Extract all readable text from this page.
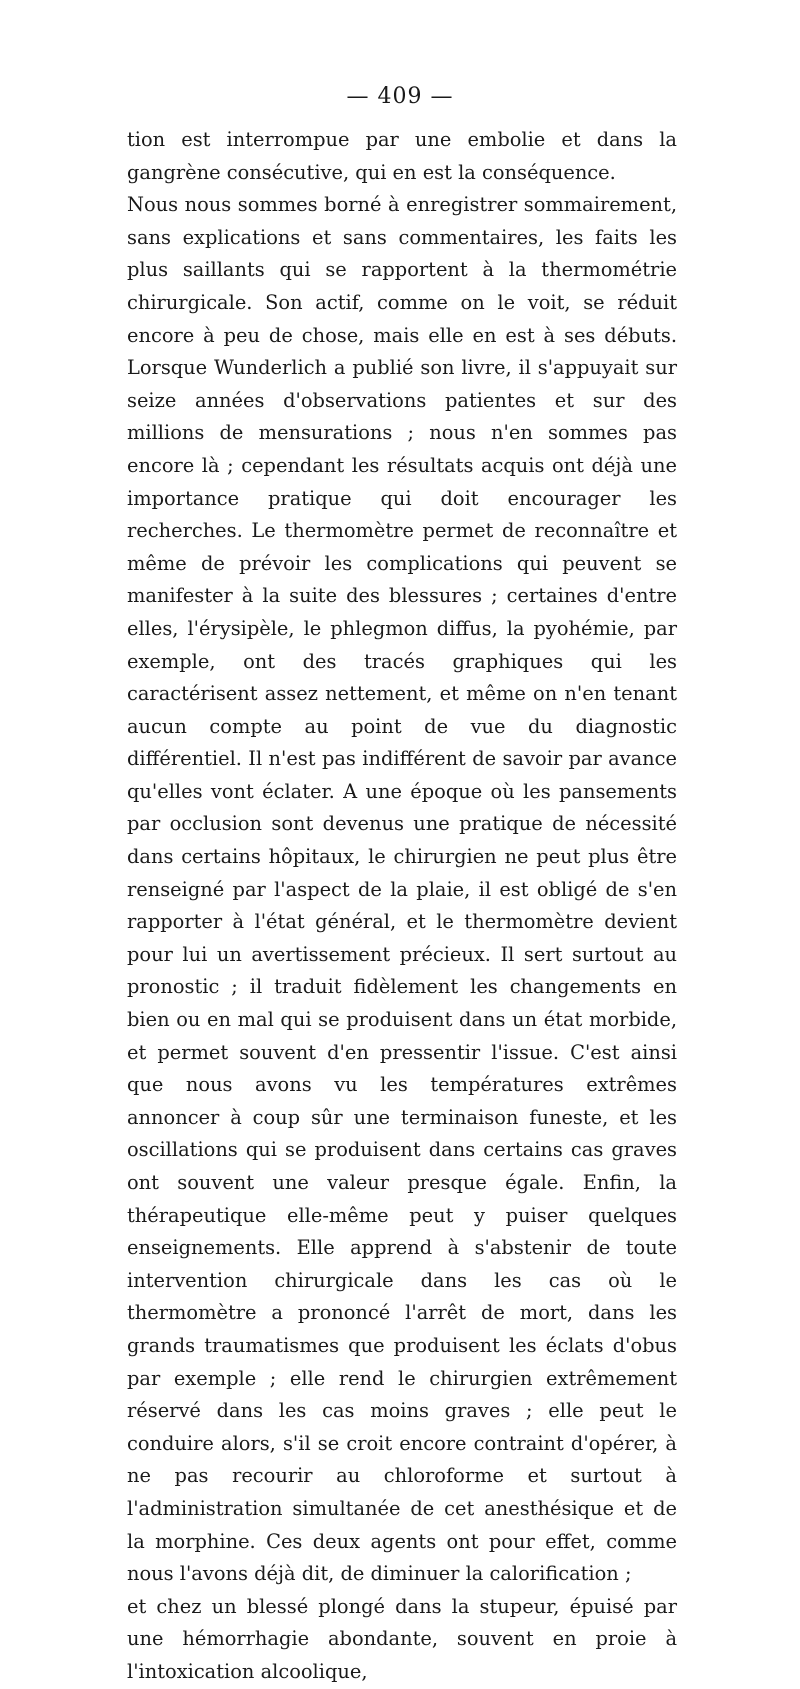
— 409 —

tion est interrompue par une embolie et dans la gangrène consécutive, qui en est la conséquence.

Nous nous sommes borné à enregistrer sommairement, sans explications et sans commentaires, les faits les plus saillants qui se rapportent à la thermométrie chirurgicale. Son actif, comme on le voit, se réduit encore à peu de chose, mais elle en est à ses débuts. Lorsque Wunderlich a publié son livre, il s'appuyait sur seize années d'observations patientes et sur des millions de mensurations ; nous n'en sommes pas encore là ; cependant les résultats acquis ont déjà une importance pratique qui doit encourager les recherches. Le thermomètre permet de reconnaître et même de prévoir les complications qui peuvent se manifester à la suite des blessures ; certaines d'entre elles, l'érysipèle, le phlegmon diffus, la pyohémie, par exemple, ont des tracés graphiques qui les caractérisent assez nettement, et même on n'en tenant aucun compte au point de vue du diagnostic différentiel. Il n'est pas indifférent de savoir par avance qu'elles vont éclater. A une époque où les pansements par occlusion sont devenus une pratique de nécessité dans certains hôpitaux, le chirurgien ne peut plus être renseigné par l'aspect de la plaie, il est obligé de s'en rapporter à l'état général, et le thermomètre devient pour lui un avertissement précieux. Il sert surtout au pronostic ; il traduit fidèlement les changements en bien ou en mal qui se produisent dans un état morbide, et permet souvent d'en pressentir l'issue. C'est ainsi que nous avons vu les températures extrêmes annoncer à coup sûr une terminaison funeste, et les oscillations qui se produisent dans certains cas graves ont souvent une valeur presque égale. Enfin, la thérapeutique elle-même peut y puiser quelques enseignements. Elle apprend à s'abstenir de toute intervention chirurgicale dans les cas où le thermomètre a prononcé l'arrêt de mort, dans les grands traumatismes que produisent les éclats d'obus par exemple ; elle rend le chirurgien extrêmement réservé dans les cas moins graves ; elle peut le conduire alors, s'il se croit encore contraint d'opérer, à ne pas recourir au chloroforme et surtout à l'administration simultanée de cet anesthésique et de la morphine. Ces deux agents ont pour effet, comme nous l'avons déjà dit, de diminuer la calorification ;

et chez un blessé plongé dans la stupeur, épuisé par une hémorrhagie abondante, souvent en proie à l'intoxication alcoolique,
